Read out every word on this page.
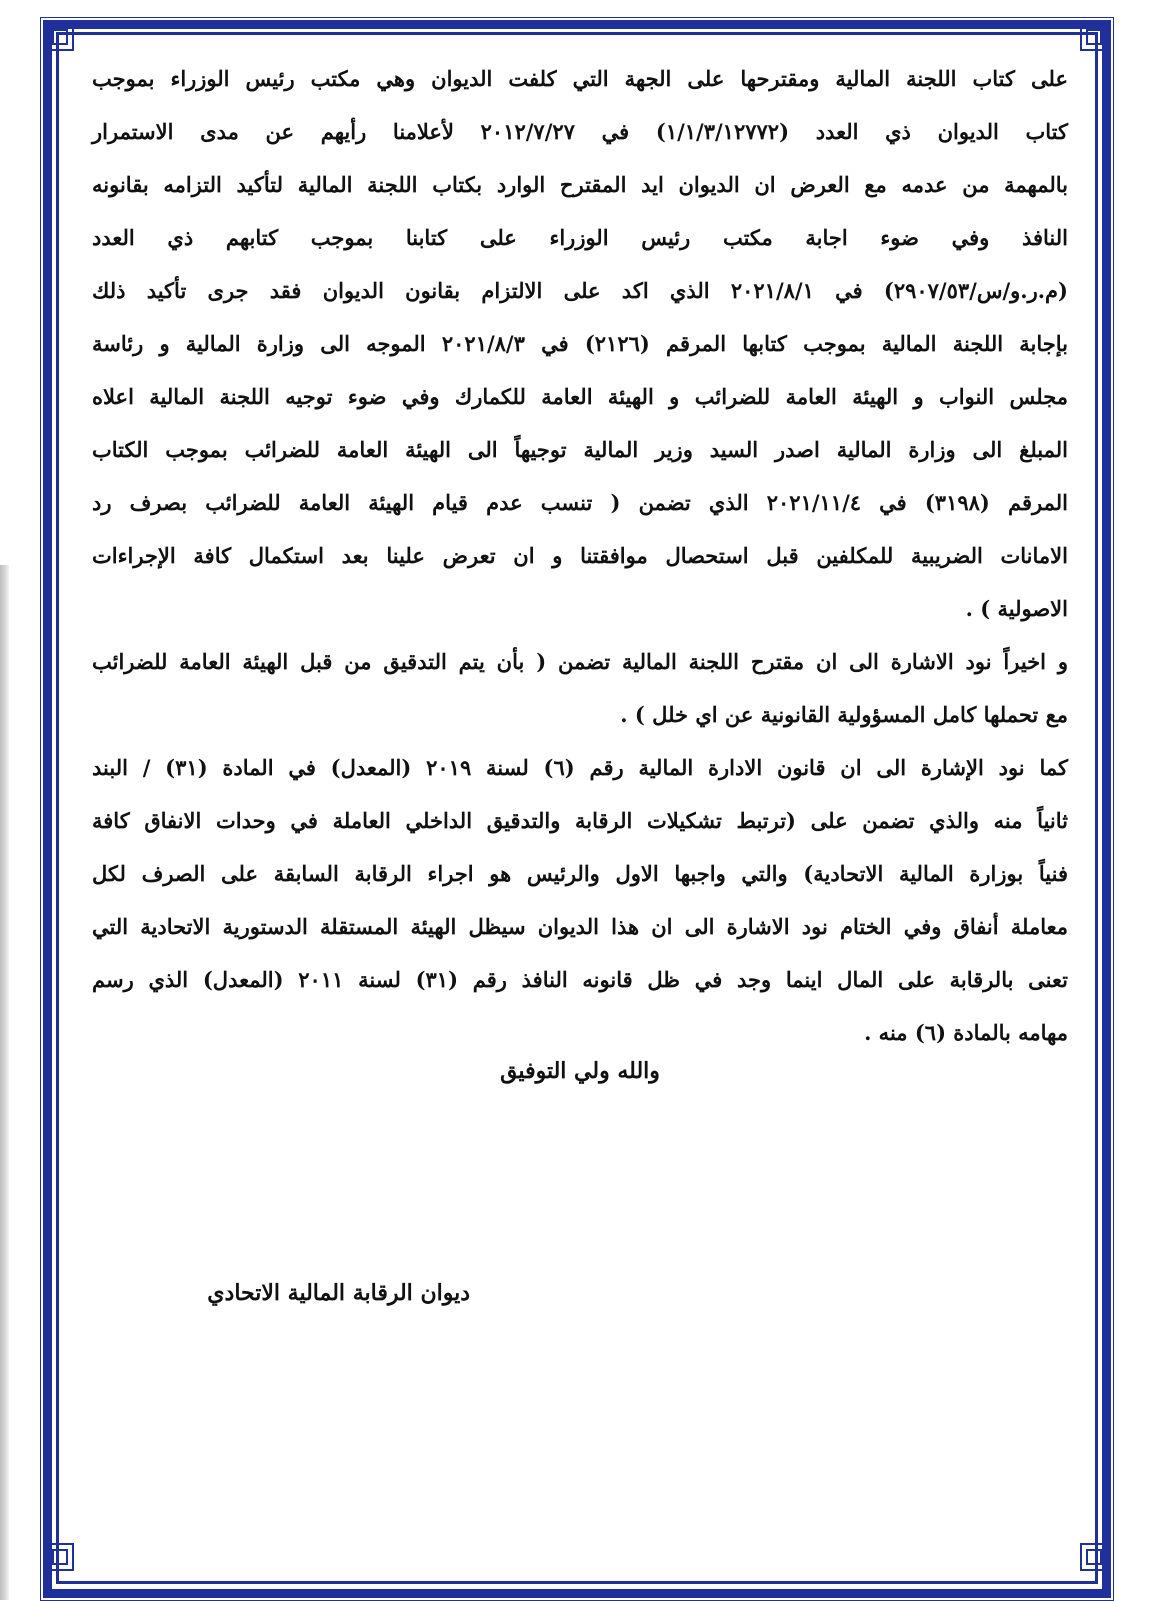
على كتاب اللجنة المالية ومقترحها على الجهة التي كلفت الديوان وهي مكتب رئيس الوزراء بموجب
كتاب الديوان ذي العدد (١/١/٣/١٢٧٧٢) في ٢٠١٢/٧/٢٧ لأعلامنا رأيهم عن مدى الاستمرار
بالمهمة من عدمه مع العرض ان الديوان ايد المقترح الوارد بكتاب اللجنة المالية لتأكيد التزامه بقانونه
النافذ وفي ضوء اجابة مكتب رئيس الوزراء على كتابنا بموجب كتابهم ذي العدد
(م.ر.و/س/٢٩٠٧/٥٣) في ٢٠٢١/٨/١ الذي اكد على الالتزام بقانون الديوان فقد جرى تأكيد ذلك
بإجابة اللجنة المالية بموجب كتابها المرقم (٢١٢٦) في ٢٠٢١/٨/٣ الموجه الى وزارة المالية و رئاسة
مجلس النواب و الهيئة العامة للضرائب و الهيئة العامة للكمارك وفي ضوء توجيه اللجنة المالية اعلاه
المبلغ الى وزارة المالية اصدر السيد وزير المالية توجيهاً الى الهيئة العامة للضرائب بموجب الكتاب
المرقم (٣١٩٨) في ٢٠٢١/١١/٤ الذي تضمن ( تنسب عدم قيام الهيئة العامة للضرائب بصرف رد
الامانات الضريبية للمكلفين قبل استحصال موافقتنا و ان تعرض علينا بعد استكمال كافة الإجراءات
الاصولية ) .
و اخيراً نود الاشارة الى ان مقترح اللجنة المالية تضمن ( بأن يتم التدقيق من قبل الهيئة العامة للضرائب
مع تحملها كامل المسؤولية القانونية عن اي خلل ) .
كما نود الإشارة الى ان قانون الادارة المالية رقم (٦) لسنة ٢٠١٩ (المعدل) في المادة (٣١) / البند
ثانياً منه والذي تضمن على (ترتبط تشكيلات الرقابة والتدقيق الداخلي العاملة في وحدات الانفاق كافة
فنياً بوزارة المالية الاتحادية) والتي واجبها الاول والرئيس هو اجراء الرقابة السابقة على الصرف لكل
معاملة أنفاق وفي الختام نود الاشارة الى ان هذا الديوان سيظل الهيئة المستقلة الدستورية الاتحادية التي
تعنى بالرقابة على المال اينما وجد في ظل قانونه النافذ رقم (٣١) لسنة ٢٠١١ (المعدل) الذي رسم
مهامه بالمادة (٦) منه .
والله ولي التوفيق
ديوان الرقابة المالية الاتحادي
